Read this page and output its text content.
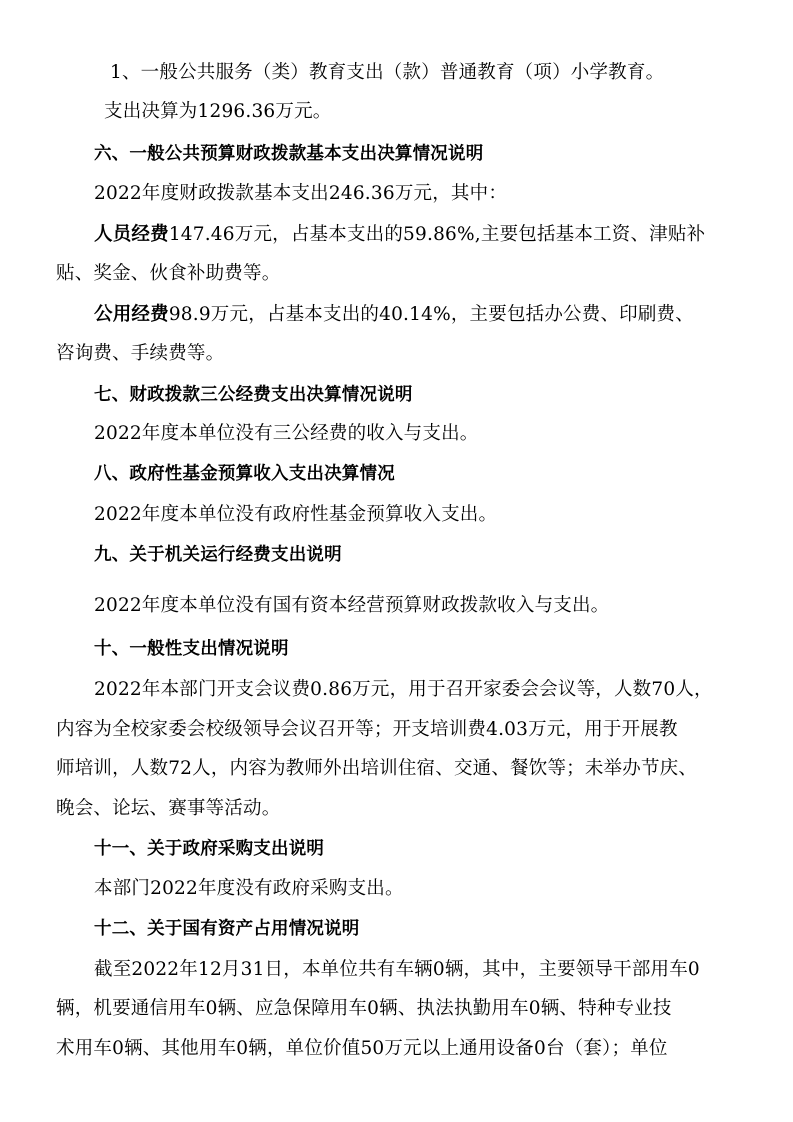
1、一般公共服务（类）教育支出（款）普通教育（项）小学教育。
支出决算为1296.36万元。
六、一般公共预算财政拨款基本支出决算情况说明
2022年度财政拨款基本支出246.36万元，其中：
人员经费147.46万元，占基本支出的59.86%,主要包括基本工资、津贴补
贴、奖金、伙食补助费等。
公用经费98.9万元，占基本支出的40.14%，主要包括办公费、印刷费、
咨询费、手续费等。
七、财政拨款三公经费支出决算情况说明
2022年度本单位没有三公经费的收入与支出。
八、政府性基金预算收入支出决算情况
2022年度本单位没有政府性基金预算收入支出。
九、关于机关运行经费支出说明
2022年度本单位没有国有资本经营预算财政拨款收入与支出。
十、一般性支出情况说明
2022年本部门开支会议费0.86万元，用于召开家委会会议等，人数70人，
内容为全校家委会校级领导会议召开等；开支培训费4.03万元，用于开展教
师培训，人数72人，内容为教师外出培训住宿、交通、餐饮等；未举办节庆、
晚会、论坛、赛事等活动。
十一、关于政府采购支出说明
本部门2022年度没有政府采购支出。
十二、关于国有资产占用情况说明
截至2022年12月31日，本单位共有车辆0辆，其中，主要领导干部用车0
辆，机要通信用车0辆、应急保障用车0辆、执法执勤用车0辆、特种专业技
术用车0辆、其他用车0辆，单位价值50万元以上通用设备0台（套）；单位
